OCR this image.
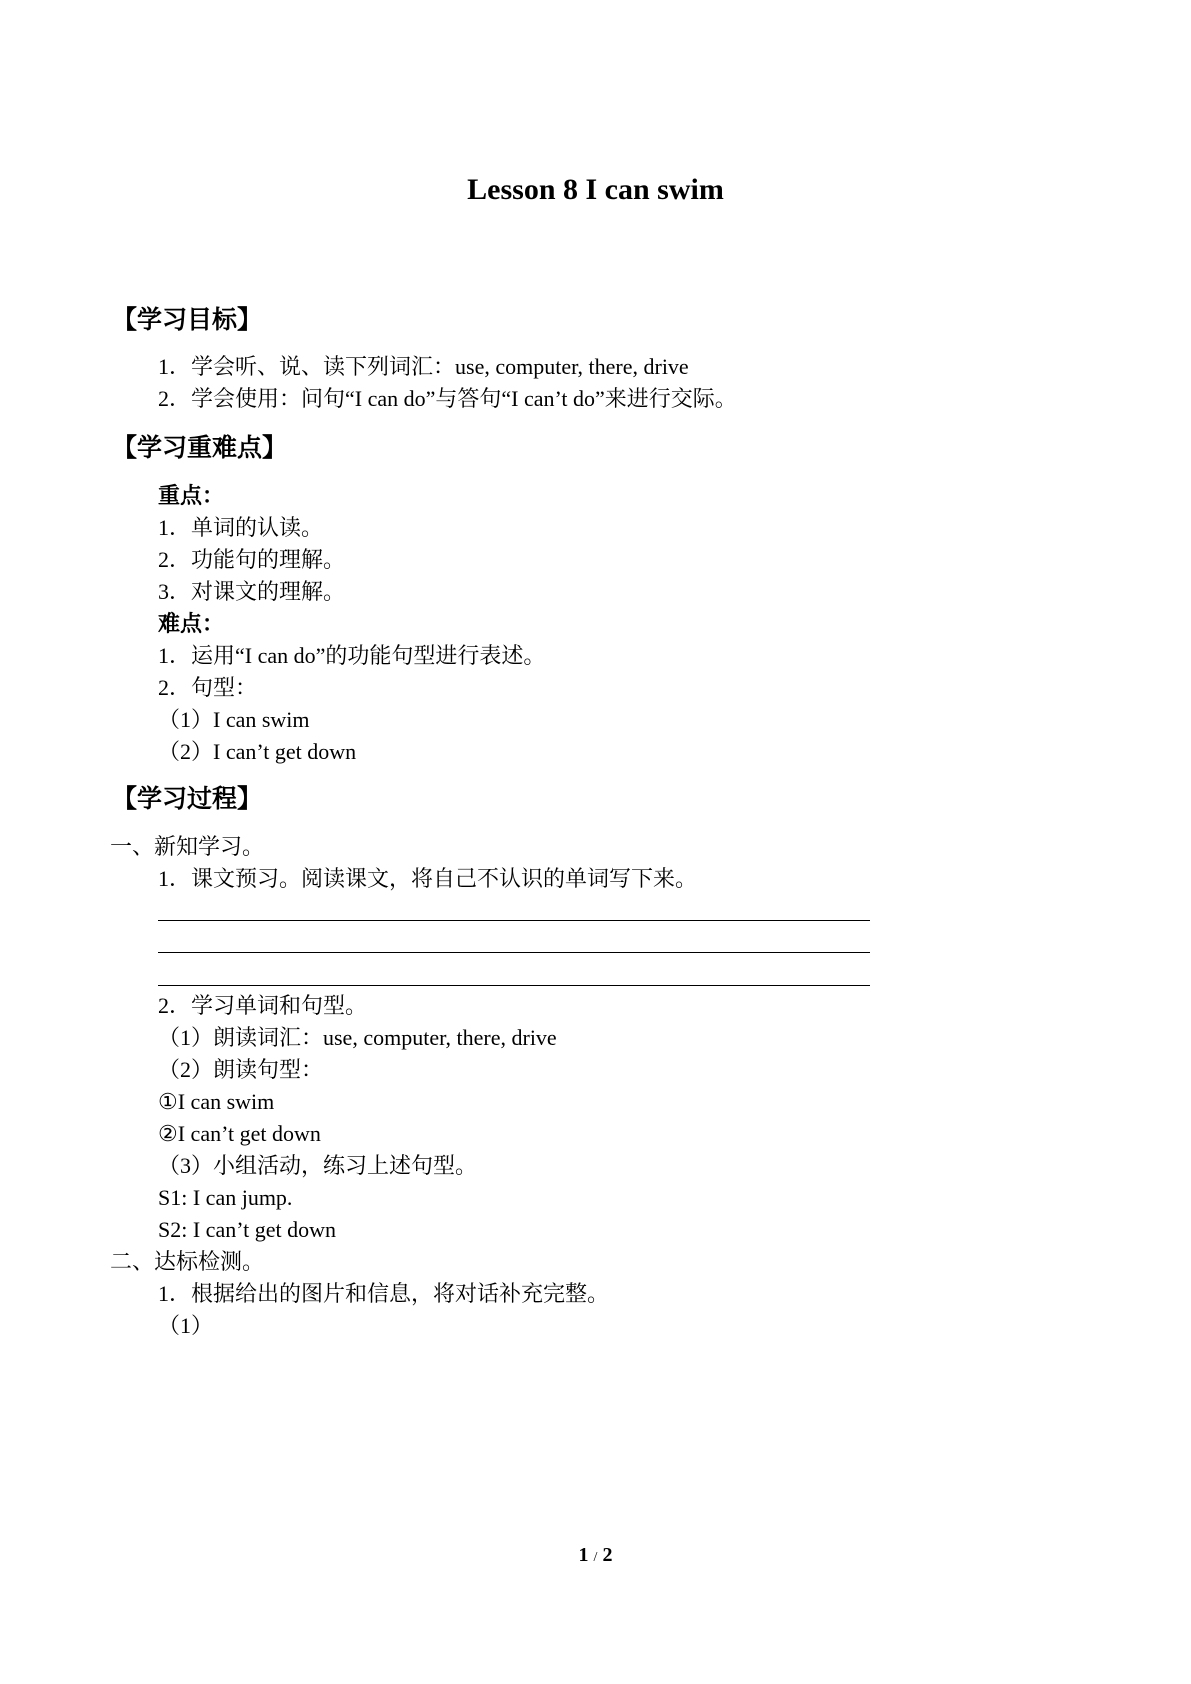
Lesson 8 I can swim
【学习目标】
1．学会听、说、读下列词汇：use, computer, there, drive
2．学会使用：问句“I can do”与答句“I can’t do”来进行交际。
【学习重难点】
重点：
1．单词的认读。
2．功能句的理解。
3．对课文的理解。
难点：
1．运用“I can do”的功能句型进行表述。
2．句型：
（1）I can swim
（2）I can’t get down
【学习过程】
一、新知学习。
1．课文预习。阅读课文，将自己不认识的单词写下来。
2．学习单词和句型。
（1）朗读词汇：use, computer, there, drive
（2）朗读句型：
①I can swim
②I can’t get down
（3）小组活动，练习上述句型。
S1: I can jump.
S2: I can’t get down
二、达标检测。
1．根据给出的图片和信息，将对话补充完整。
（1）
1 / 2
